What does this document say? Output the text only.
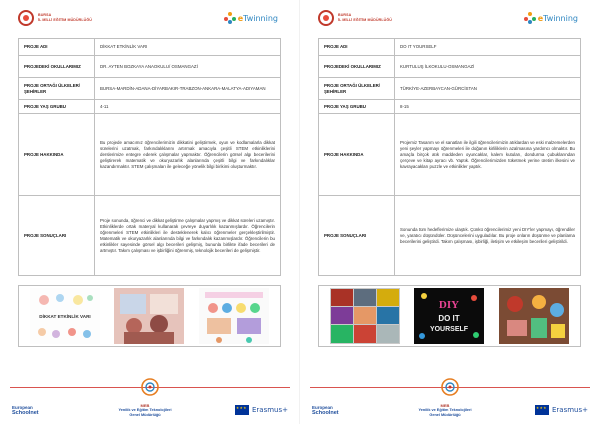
BURSA
İL MİLLİ EĞİTİM MÜDÜRLÜĞÜ	eTwinning
PROJE ADI	DİKKAT ETKİNLİK VARI
PROJEDEKİ OKULLARIMIZ	DR. AYTEN BOZKAYA ANAOKULU/ OSMANGAZİ
PROJE ORTAĞI ÜLKELER/ŞEHİRLER	BURSA-MARDİN-ADANA-DİYARBAKIR-TRABZON-ANKARA-MALATYA-ADIYAMAN
PROJE YAŞ GRUBU	4-11
PROJE HAKKINDA	Bu projede amacımız öğrencilerimizin dikkatini geliştirmek, oyun ve kodlamalarla dikkat sürelerini uzatmak, farkındalıklarını artırmak amacıyla çeşitli STEM etkinliklerini derslerimize entegre ederek çalışmalar yapmaktır. Öğrencilerin görsel algı becerilerini geliştirerek matematik ve okuryazarlık alanlarında çeşitli bilgi ve farkındalıklar kazandırmaktır. STEM çalışmaları ile geleceğe yönelik bilgi birikimi oluşturmaktır.
PROJE SONUÇLARI	Proje sonunda, öğrenci ve dikkat geliştirme çalışmalar yapmış ve dikkat süreleri uzamıştır. Etkinliklerde ortak materyal kullanarak çevreye duyarlılık kazanmışlardır. Öğrencilerin öğrenmeleri STEM etkinlikleri ile desteklenerek kalıcı öğrenmeler gerçekleştirilmiştir. Matematik ve okuryazarlık alanlarında bilgi ve farkındalık kazanmışlardır. Öğrencilerin bu etkinlikler sayesinde görsel algı becerileri gelişmiş, bununla birlikte ifade becerileri de artmıştır. Takım çalışması ve işbirliğini öğrenmiş, teknolojik becerileri de gelişmiştir.
DİKKAT ETKİNLİK VARI
European
Schoolnet
MEB
Yenilik ve Eğitim Teknolojileri
Genel Müdürlüğü
★★★
Erasmus+
BURSA
İL MİLLİ EĞİTİM MÜDÜRLÜĞÜ	eTwinning
PROJE ADI	DO IT YOURSELF
PROJEDEKİ OKULLARIMIZ	KURTULUŞ İLKOKULU-OSMANGAZİ
PROJE ORTAĞI ÜLKELER/ŞEHİRLER	TÜRKİYE-AZERBAYCAN-GÜRCİSTAN
PROJE YAŞ GRUBU	8-15
PROJE HAKKINDA	Projemiz Tasarım ve el sanatları ile ilgili öğrencilerimizin atıklardan ve eski malzemelerden yeni şeyler yapmayı öğrenmeleri ile doğanın kirliliklerin azalmasına yardımcı olmaktır. Bu amaçla birçok atık maddeden oyuncaklar, kalem kutuları, dondurma çubuklarından çerçeve ve kitap ayracı vb. Yaptık. Öğrencilerimizden tüketmek yerine üretim ilkesini ve kavrayacakları puzzle ve etkinlikler yaptık.
PROJE SONUÇLARI	Sonunda tüm hedeflerimize ulaştık. Çünkü öğrencilerimiz yeni DIY'ler yapmayı, öğrendiler ve, yaratıcı düşündüler. Düşüncelerini uyguladılar. Bu proje onların düşünme ve planlama becerilerini geliştirdi. Takım çalışması, işbirliği, iletişim ve etkileşim becerileri geliştirildi.
DIY
DO IT
YOURSELF
European
Schoolnet
MEB
Yenilik ve Eğitim Teknolojileri
Genel Müdürlüğü
★★★
Erasmus+
